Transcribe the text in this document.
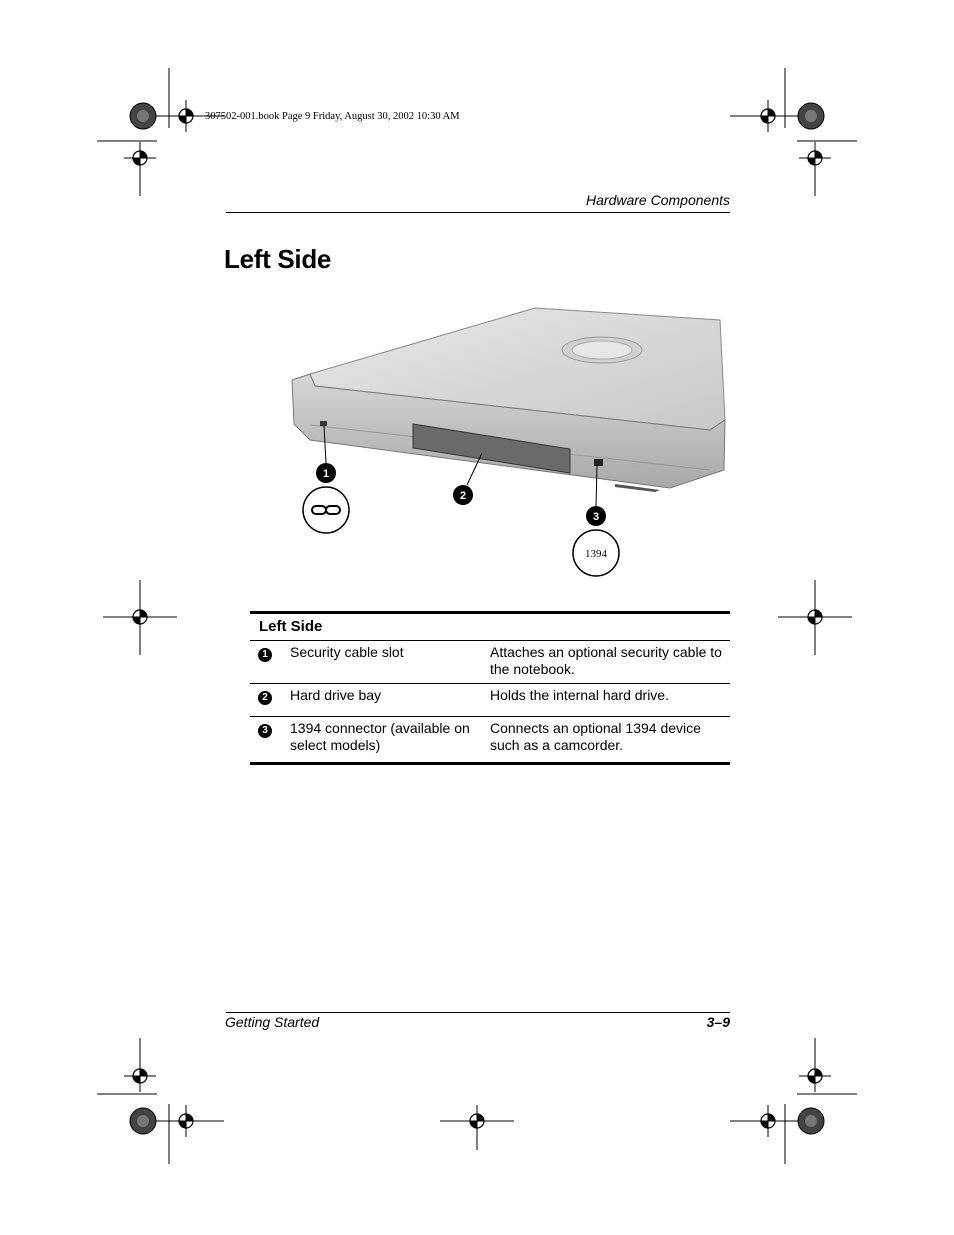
307502-001.book Page 9 Friday, August 30, 2002 10:30 AM
Hardware Components
Left Side
1
2
3
1394
Left Side		
1	Security cable slot	Attaches an optional security cable to the notebook.
2	Hard drive bay	Holds the internal hard drive.
3	1394 connector (available on select models)	Connects an optional 1394 device such as a camcorder.
Getting Started	3–9
